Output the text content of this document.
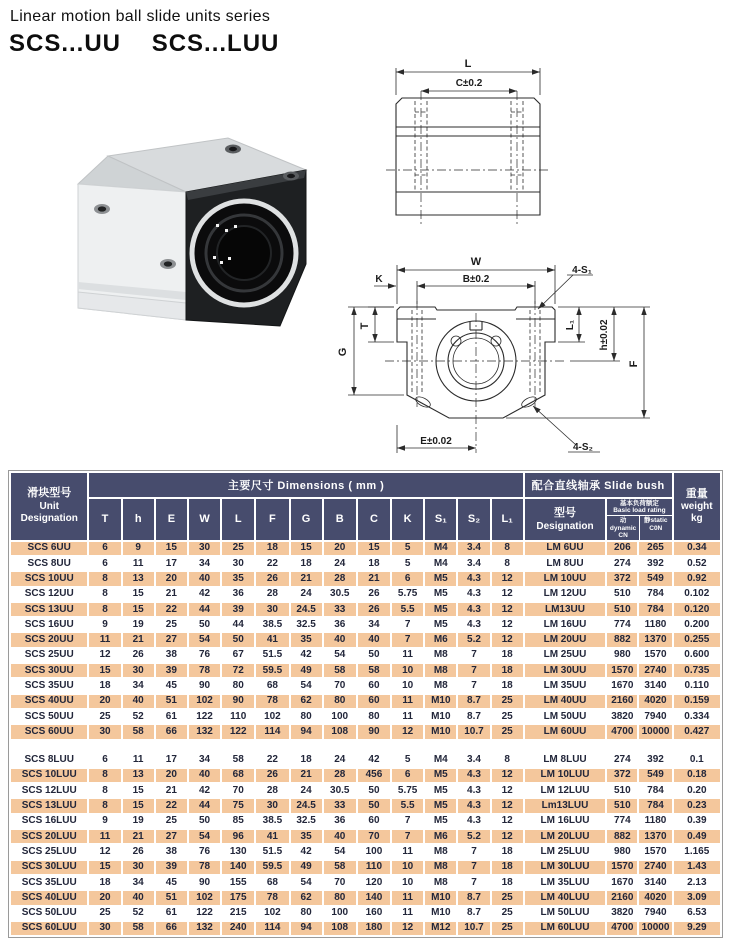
Linear motion ball slide units series
SCS...UU    SCS...LUU
L
C±0.2
W
B±0.2
K
4-S₁
T
G
L₁ h±0.02
F
E±0.02
4-S₂
滑块型号
Unit
Designation
	主要尺寸 Dimensions ( mm )	配合直线轴承 Slide bush	
重量
weight
kg

T	h	E	W	L	F	G	B	C	K	S₁	S₂	L₁	
型号
Designation

基本负荷额定
Basic load rating
动dynamic
CN
静static
C0N

SCS 6UU	6	9	15	30	25	18	15	20	15	5	M4	3.4	8	LM 6UU	206	265	0.34
SCS 8UU	6	11	17	34	30	22	18	24	18	5	M4	3.4	8	LM 8UU	274	392	0.52
SCS 10UU	8	13	20	40	35	26	21	28	21	6	M5	4.3	12	LM 10UU	372	549	0.92
SCS 12UU	8	15	21	42	36	28	24	30.5	26	5.75	M5	4.3	12	LM 12UU	510	784	0.102
SCS 13UU	8	15	22	44	39	30	24.5	33	26	5.5	M5	4.3	12	LM13UU	510	784	0.120
SCS 16UU	9	19	25	50	44	38.5	32.5	36	34	7	M5	4.3	12	LM 16UU	774	1180	0.200
SCS 20UU	11	21	27	54	50	41	35	40	40	7	M6	5.2	12	LM 20UU	882	1370	0.255
SCS 25UU	12	26	38	76	67	51.5	42	54	50	11	M8	7	18	LM 25UU	980	1570	0.600
SCS 30UU	15	30	39	78	72	59.5	49	58	58	10	M8	7	18	LM 30UU	1570	2740	0.735
SCS 35UU	18	34	45	90	80	68	54	70	60	10	M8	7	18	LM 35UU	1670	3140	0.110
SCS 40UU	20	40	51	102	90	78	62	80	60	11	M10	8.7	25	LM 40UU	2160	4020	0.159
SCS 50UU	25	52	61	122	110	102	80	100	80	11	M10	8.7	25	LM 50UU	3820	7940	0.334
SCS 60UU	30	58	66	132	122	114	94	108	90	12	M10	10.7	25	LM 60UU	4700	10000	0.427

SCS 8LUU	6	11	17	34	58	22	18	24	42	5	M4	3.4	8	LM 8LUU	274	392	0.1
SCS 10LUU	8	13	20	40	68	26	21	28	456	6	M5	4.3	12	LM 10LUU	372	549	0.18
SCS 12LUU	8	15	21	42	70	28	24	30.5	50	5.75	M5	4.3	12	LM 12LUU	510	784	0.20
SCS 13LUU	8	15	22	44	75	30	24.5	33	50	5.5	M5	4.3	12	Lm13LUU	510	784	0.23
SCS 16LUU	9	19	25	50	85	38.5	32.5	36	60	7	M5	4.3	12	LM 16LUU	774	1180	0.39
SCS 20LUU	11	21	27	54	96	41	35	40	70	7	M6	5.2	12	LM 20LUU	882	1370	0.49
SCS 25LUU	12	26	38	76	130	51.5	42	54	100	11	M8	7	18	LM 25LUU	980	1570	1.165
SCS 30LUU	15	30	39	78	140	59.5	49	58	110	10	M8	7	18	LM 30LUU	1570	2740	1.43
SCS 35LUU	18	34	45	90	155	68	54	70	120	10	M8	7	18	LM 35LUU	1670	3140	2.13
SCS 40LUU	20	40	51	102	175	78	62	80	140	11	M10	8.7	25	LM 40LUU	2160	4020	3.09
SCS 50LUU	25	52	61	122	215	102	80	100	160	11	M10	8.7	25	LM 50LUU	3820	7940	6.53
SCS 60LUU	30	58	66	132	240	114	94	108	180	12	M12	10.7	25	LM 60LUU	4700	10000	9.29
